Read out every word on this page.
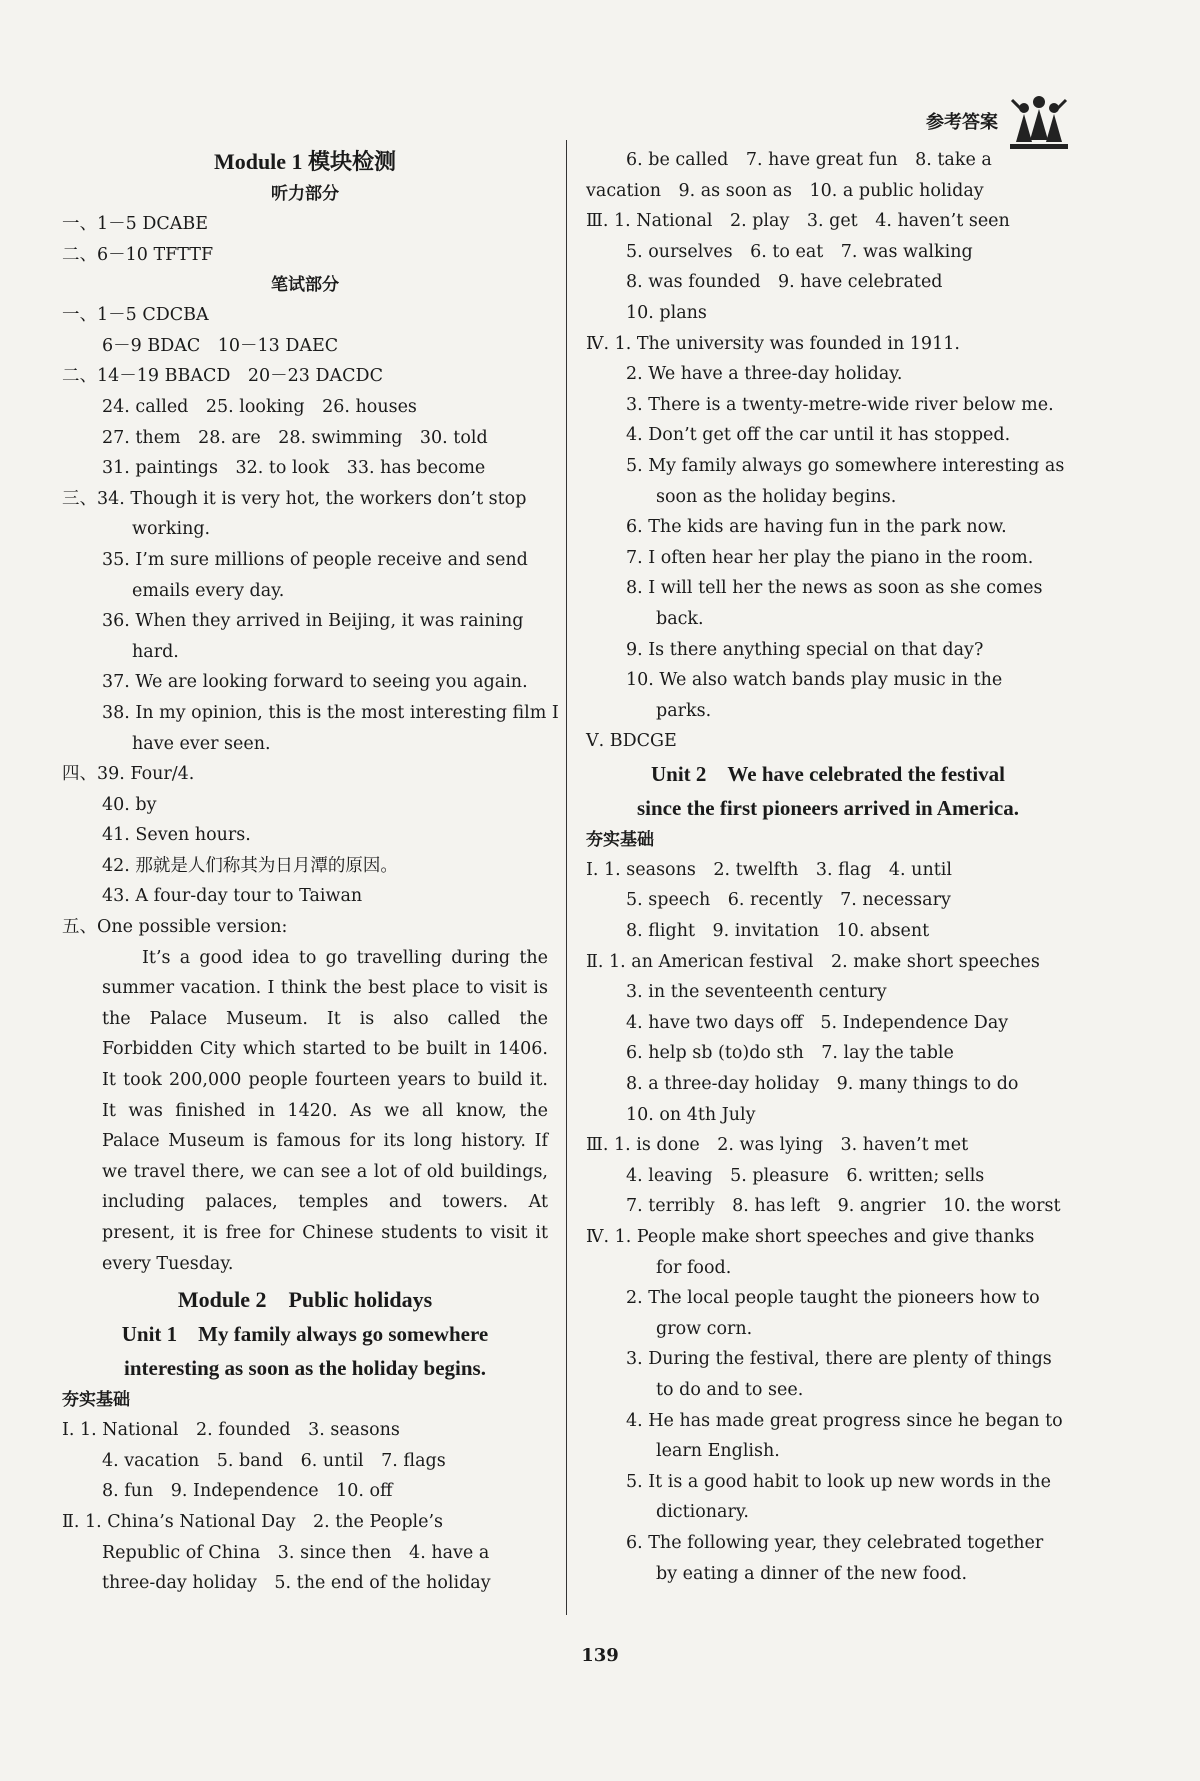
参考答案
Module 1 模块检测
听力部分
一、1－5 DCABE
二、6－10 TFTTF
笔试部分
一、1－5 CDCBA
6－9 BDAC　10－13 DAEC
二、14－19 BBACD　20－23 DACDC
24. called　25. looking　26. houses
27. them　28. are　28. swimming　30. told
31. paintings　32. to look　33. has become
三、34. Though it is very hot, the workers don’t stop
working.
35. I’m sure millions of people receive and send
emails every day.
36. When they arrived in Beijing, it was raining
hard.
37. We are looking forward to seeing you again.
38. In my opinion, this is the most interesting film I
have ever seen.
四、39. Four/4.
40. by
41. Seven hours.
42. 那就是人们称其为日月潭的原因。
43. A four-day tour to Taiwan
五、One possible version:
It’s a good idea to go travelling during the summer vacation. I think the best place to visit is the Palace Museum. It is also called the Forbidden City which started to be built in 1406. It took 200,000 people fourteen years to build it. It was finished in 1420. As we all know, the Palace Museum is famous for its long history. If we travel there, we can see a lot of old buildings, including palaces, temples and towers. At present, it is free for Chinese students to visit it every Tuesday.
Module 2　Public holidays
Unit 1　My family always go somewhere
interesting as soon as the holiday begins.
夯实基础
Ⅰ. 1. National　2. founded　3. seasons
4. vacation　5. band　6. until　7. flags
8. fun　9. Independence　10. off
Ⅱ. 1. China’s National Day　2. the People’s
Republic of China　3. since then　4. have a
three-day holiday　5. the end of the holiday
6. be called　7. have great fun　8. take a
vacation　9. as soon as　10. a public holiday
Ⅲ. 1. National　2. play　3. get　4. haven’t seen
5. ourselves　6. to eat　7. was walking
8. was founded　9. have celebrated
10. plans
Ⅳ. 1. The university was founded in 1911.
2. We have a three-day holiday.
3. There is a twenty-metre-wide river below me.
4. Don’t get off the car until it has stopped.
5. My family always go somewhere interesting as
soon as the holiday begins.
6. The kids are having fun in the park now.
7. I often hear her play the piano in the room.
8. I will tell her the news as soon as she comes
back.
9. Is there anything special on that day?
10. We also watch bands play music in the
parks.
Ⅴ. BDCGE
Unit 2　We have celebrated the festival
since the first pioneers arrived in America.
夯实基础
Ⅰ. 1. seasons　2. twelfth　3. flag　4. until
5. speech　6. recently　7. necessary
8. flight　9. invitation　10. absent
Ⅱ. 1. an American festival　2. make short speeches
3. in the seventeenth century
4. have two days off　5. Independence Day
6. help sb (to)do sth　7. lay the table
8. a three-day holiday　9. many things to do
10. on 4th July
Ⅲ. 1. is done　2. was lying　3. haven’t met
4. leaving　5. pleasure　6. written; sells
7. terribly　8. has left　9. angrier　10. the worst
Ⅳ. 1. People make short speeches and give thanks
for food.
2. The local people taught the pioneers how to
grow corn.
3. During the festival, there are plenty of things
to do and to see.
4. He has made great progress since he began to
learn English.
5. It is a good habit to look up new words in the
dictionary.
6. The following year, they celebrated together
by eating a dinner of the new food.
139
